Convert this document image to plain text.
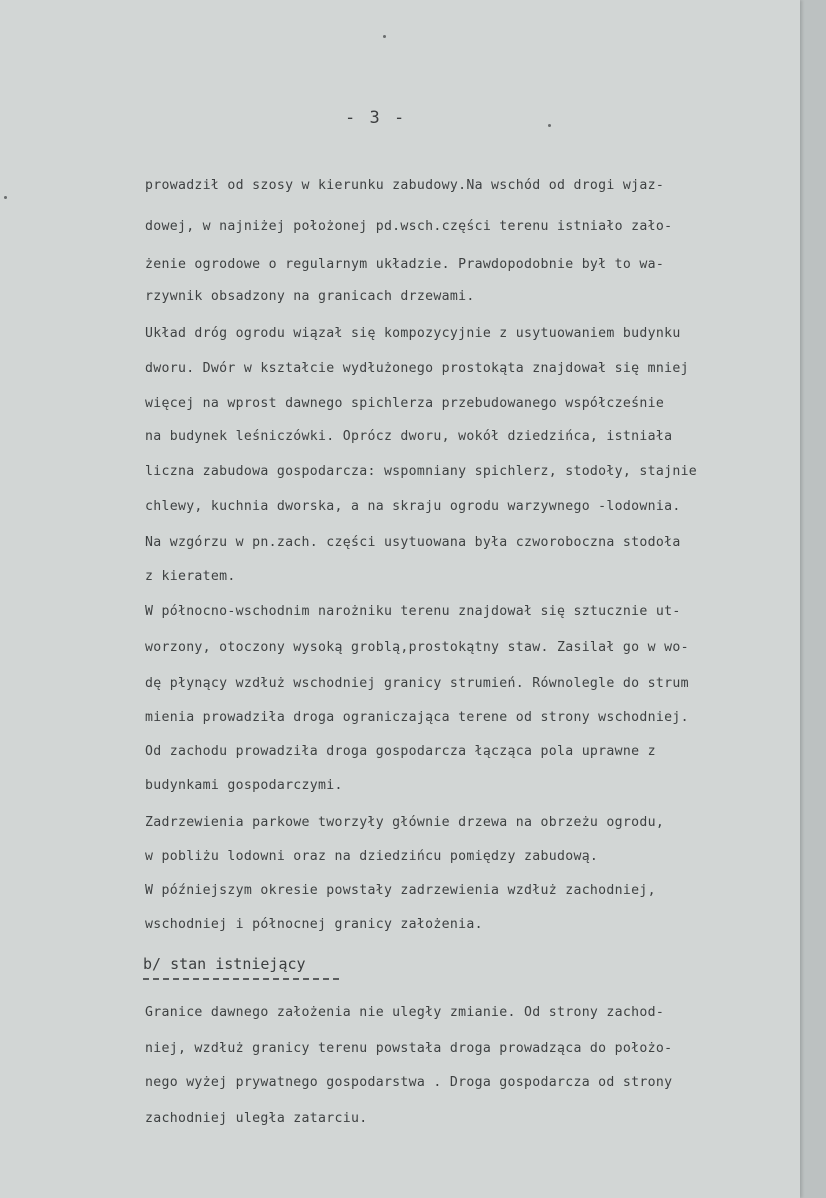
- 3 -
prowadził od szosy w kierunku zabudowy.Na wschód od drogi wjaz-
dowej, w najniżej położonej pd.wsch.części terenu istniało zało-
żenie ogrodowe o regularnym układzie. Prawdopodobnie był to wa-
rzywnik obsadzony na granicach drzewami.
Układ dróg ogrodu wiązał się kompozycyjnie z usytuowaniem budynku
dworu. Dwór w kształcie wydłużonego prostokąta znajdował się mniej
więcej na wprost dawnego spichlerza przebudowanego współcześnie
na budynek leśniczówki. Oprócz dworu, wokół dziedzińca, istniała
liczna zabudowa gospodarcza: wspomniany spichlerz, stodoły, stajnie
chlewy, kuchnia dworska, a na skraju ogrodu warzywnego -lodownia.
Na wzgórzu w pn.zach. części usytuowana była czworoboczna stodoła
z kieratem.
W północno-wschodnim narożniku terenu znajdował się sztucznie ut-
worzony, otoczony wysoką groblą,prostokątny staw. Zasilał go w wo-
dę płynący wzdłuż wschodniej granicy strumień. Równolegle do strum
mienia prowadziła droga ograniczająca terene od strony wschodniej.
Od zachodu prowadziła droga gospodarcza łącząca pola uprawne z
budynkami gospodarczymi.
Zadrzewienia parkowe tworzyły głównie drzewa na obrzeżu ogrodu,
w pobliżu lodowni oraz na dziedzińcu pomiędzy zabudową.
W późniejszym okresie powstały zadrzewienia wzdłuż zachodniej,
wschodniej i północnej granicy założenia.
b/ stan istniejący
Granice dawnego założenia nie uległy zmianie. Od strony zachod-
niej, wzdłuż granicy terenu powstała droga prowadząca do położo-
nego wyżej prywatnego gospodarstwa . Droga gospodarcza od strony
zachodniej uległa zatarciu.
